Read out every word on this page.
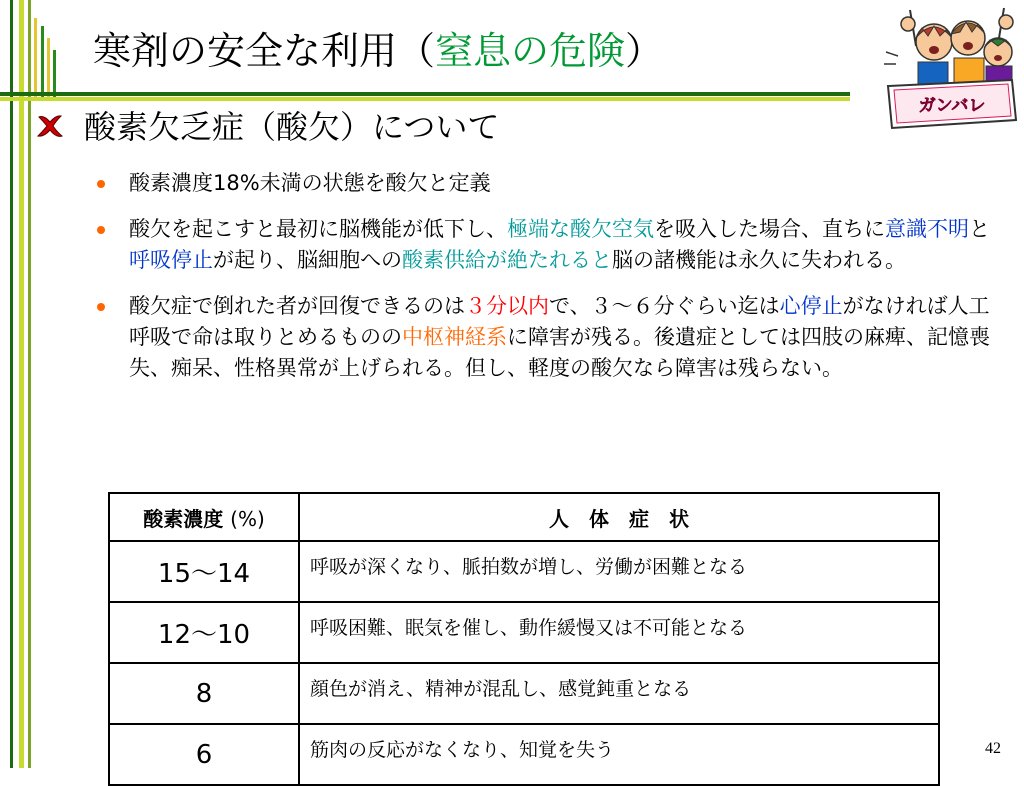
寒剤の安全な利用（窒息の危険）
ガンバレ
酸素欠乏症（酸欠）について
酸素濃度18%未満の状態を酸欠と定義
酸欠を起こすと最初に脳機能が低下し、極端な酸欠空気を吸入した場合、直ちに意識不明と呼吸停止が起り、脳細胞への酸素供給が絶たれると脳の諸機能は永久に失われる。
酸欠症で倒れた者が回復できるのは３分以内で、３～６分ぐらい迄は心停止がなければ人工呼吸で命は取りとめるものの中枢神経系に障害が残る。後遺症としては四肢の麻痺、記憶喪失、痴呆、性格異常が上げられる。但し、軽度の酸欠なら障害は残らない。
酸素濃度 (%)	人　体　症　状
15～14	呼吸が深くなり、脈拍数が増し、労働が困難となる
12～10	呼吸困難、眠気を催し、動作緩慢又は不可能となる
8	顔色が消え、精神が混乱し、感覚鈍重となる
6	筋肉の反応がなくなり、知覚を失う	42
